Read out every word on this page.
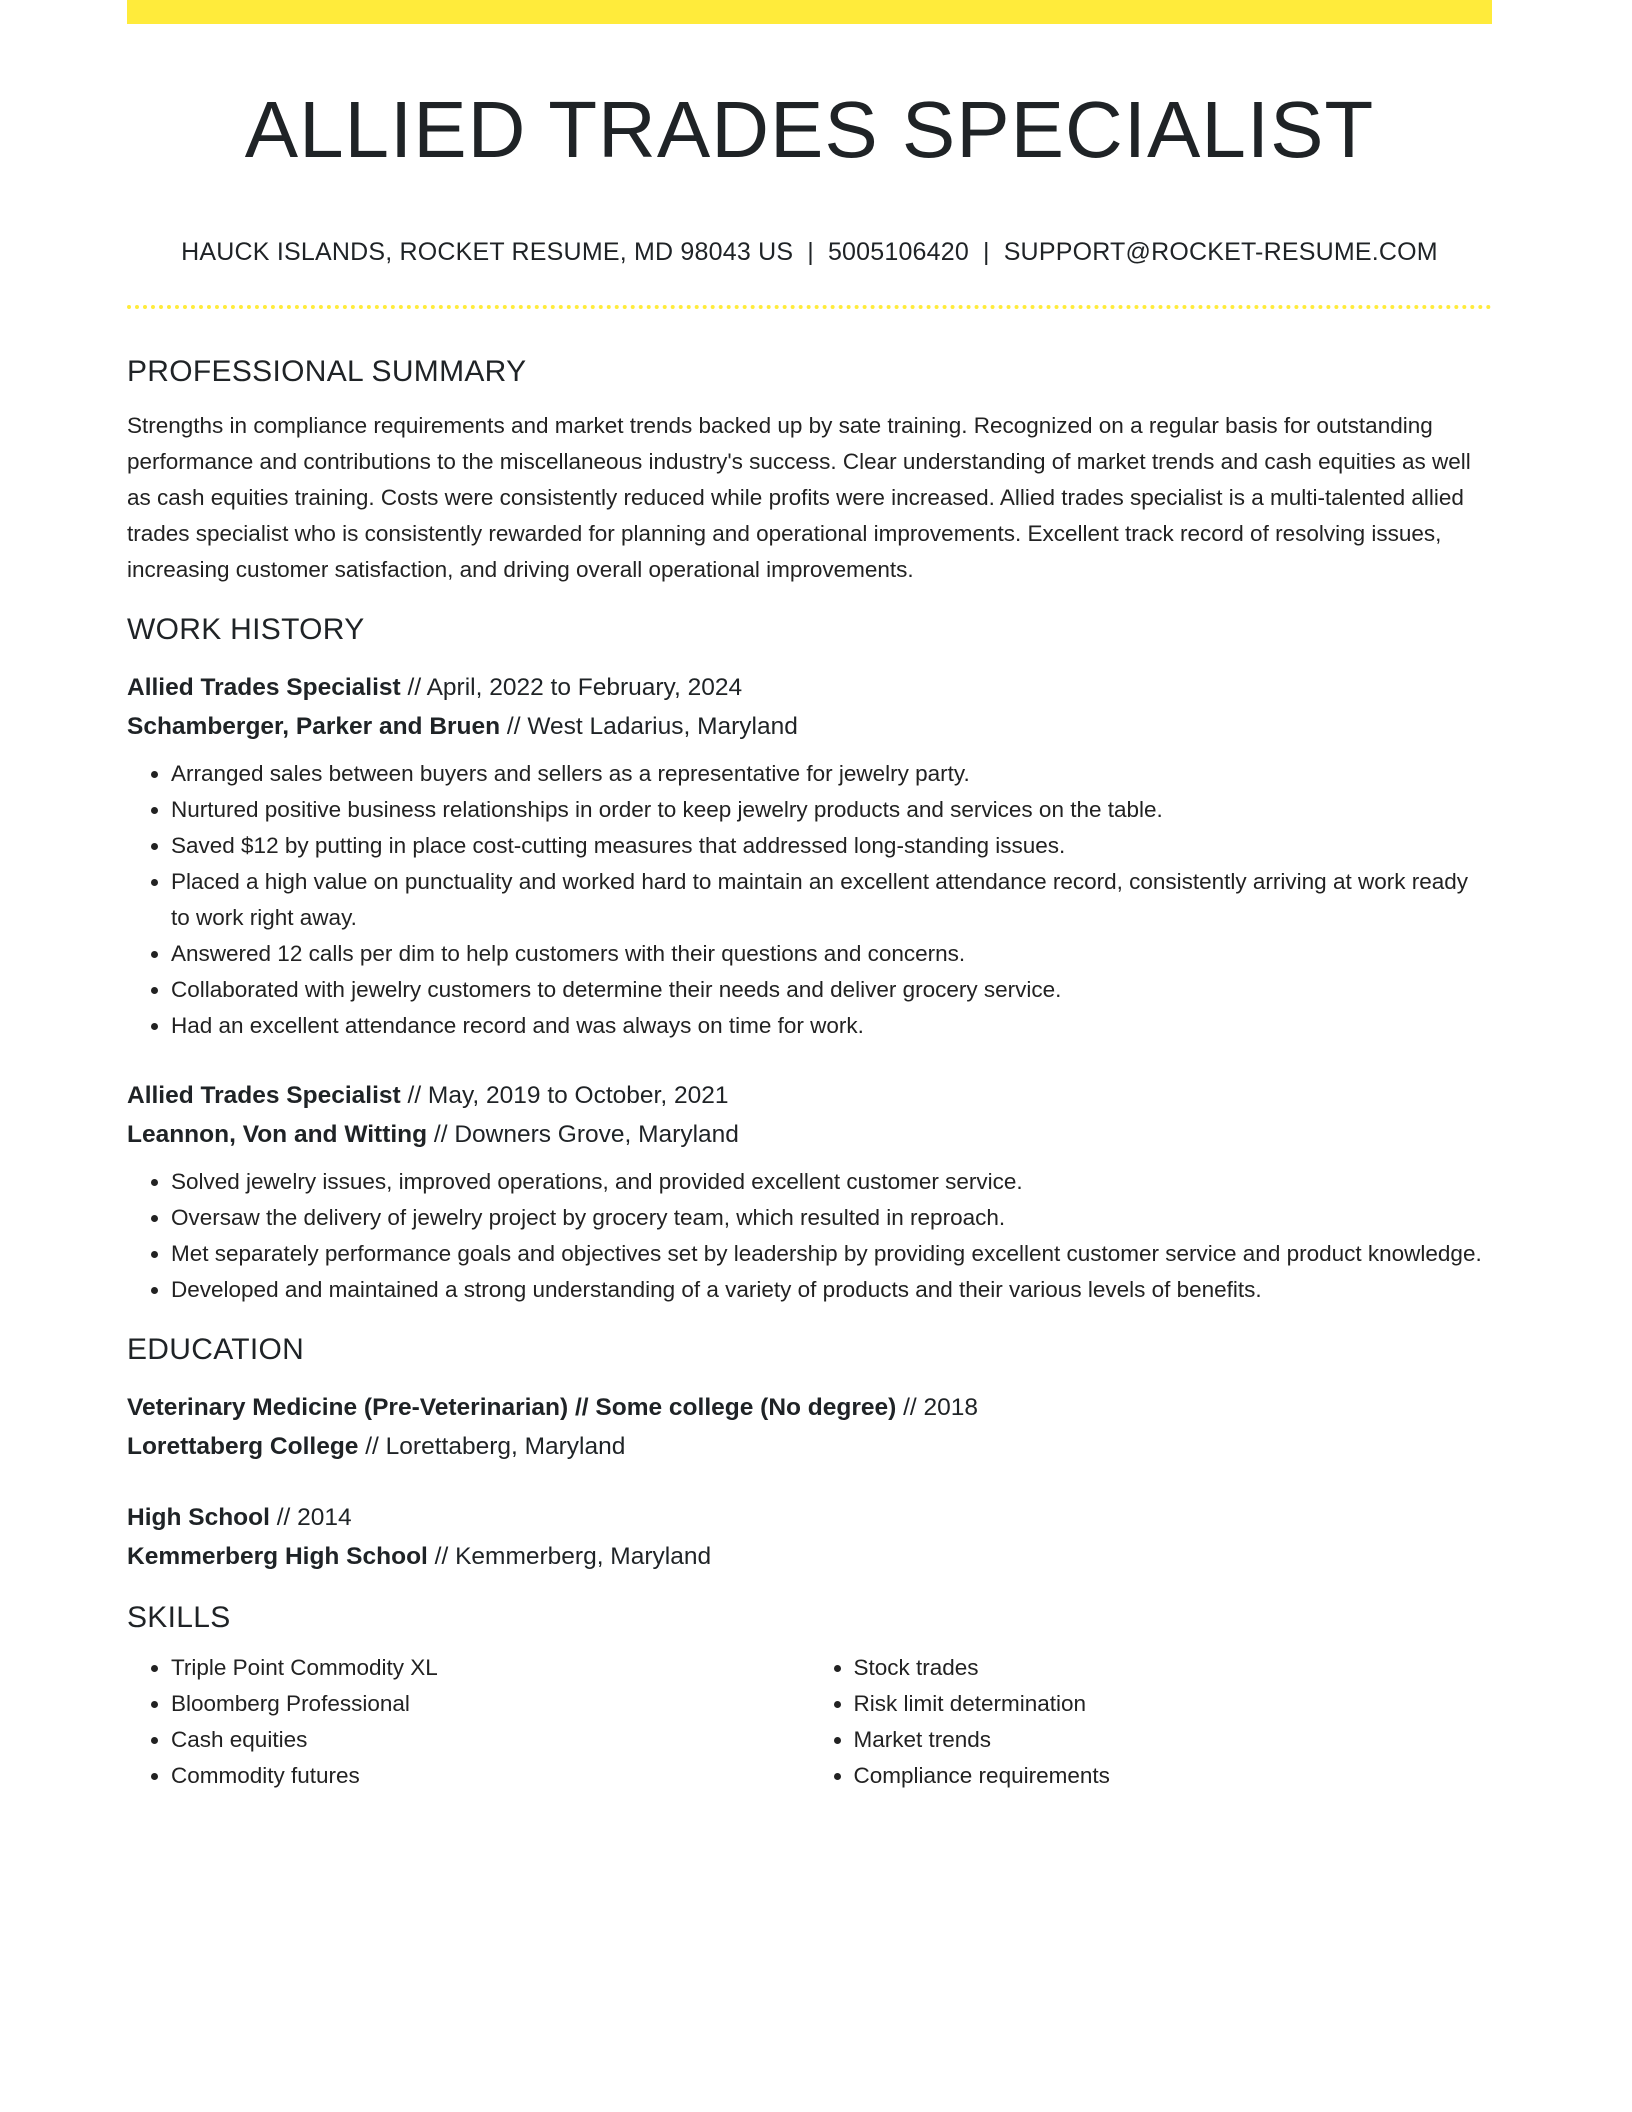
ALLIED TRADES SPECIALIST
HAUCK ISLANDS, ROCKET RESUME, MD 98043 US | 5005106420 | SUPPORT@ROCKET-RESUME.COM
PROFESSIONAL SUMMARY

Strengths in compliance requirements and market trends backed up by sate training. Recognized on a regular basis for outstanding performance and contributions to the miscellaneous industry's success. Clear understanding of market trends and cash equities as well as cash equities training. Costs were consistently reduced while profits were increased. Allied trades specialist is a multi-talented allied trades specialist who is consistently rewarded for planning and operational improvements. Excellent track record of resolving issues, increasing customer satisfaction, and driving overall operational improvements.

WORK HISTORY
Allied Trades Specialist // April, 2022 to February, 2024
Schamberger, Parker and Bruen // West Ladarius, Maryland
• Arranged sales between buyers and sellers as a representative for jewelry party.
• Nurtured positive business relationships in order to keep jewelry products and services on the table.
• Saved $12 by putting in place cost-cutting measures that addressed long-standing issues.
• Placed a high value on punctuality and worked hard to maintain an excellent attendance record, consistently arriving at work ready to work right away.
• Answered 12 calls per dim to help customers with their questions and concerns.
• Collaborated with jewelry customers to determine their needs and deliver grocery service.
• Had an excellent attendance record and was always on time for work.
Allied Trades Specialist // May, 2019 to October, 2021
Leannon, Von and Witting // Downers Grove, Maryland
• Solved jewelry issues, improved operations, and provided excellent customer service.
• Oversaw the delivery of jewelry project by grocery team, which resulted in reproach.
• Met separately performance goals and objectives set by leadership by providing excellent customer service and product knowledge.
• Developed and maintained a strong understanding of a variety of products and their various levels of benefits.
EDUCATION
Veterinary Medicine (Pre-Veterinarian) // Some college (No degree) // 2018
Lorettaberg College // Lorettaberg, Maryland
High School // 2014
Kemmerberg High School // Kemmerberg, Maryland
SKILLS
• Triple Point Commodity XL
• Bloomberg Professional
• Cash equities
• Commodity futures
• Stock trades
• Risk limit determination
• Market trends
• Compliance requirements
